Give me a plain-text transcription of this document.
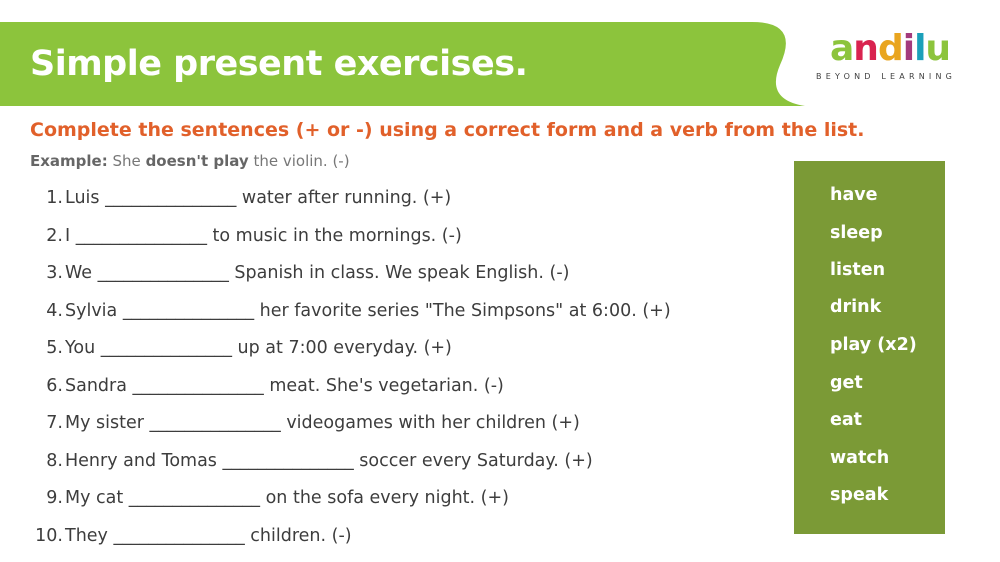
Simple present exercises.	andilu
BEYOND LEARNING
Complete the sentences (+ or -) using a correct form and a verb from the list.
Example: She doesn't play the violin. (-)
1. Luis _______________ water after running. (+)
2. I _______________ to music in the mornings. (-)
3. We _______________ Spanish in class. We speak English. (-)
4. Sylvia _______________ her favorite series "The Simpsons" at 6:00. (+)
5. You _______________ up at 7:00 everyday. (+)
6. Sandra _______________ meat. She's vegetarian. (-)
7. My sister _______________ videogames with her children (+)
8. Henry and Tomas _______________ soccer every Saturday. (+)
9. My cat _______________ on the sofa every night. (+)
10. They _______________ children. (-)
have
sleep
listen
drink
play (x2)
get
eat
watch
speak
